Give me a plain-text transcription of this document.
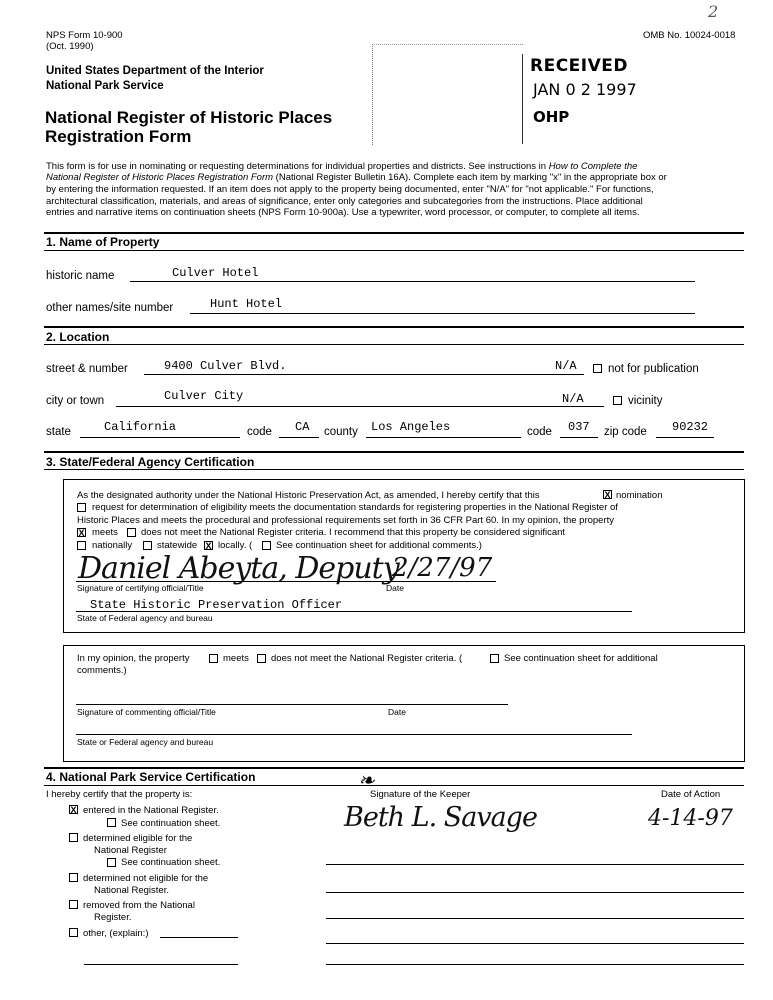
NPS Form 10-900
(Oct. 1990)
OMB No. 10024-0018
2
United States Department of the Interior
National Park Service
National Register of Historic Places
Registration Form
RECEIVED
JAN 0 2 1997
OHP
This form is for use in nominating or requesting determinations for individual properties and districts. See instructions in How to Complete the
National Register of Historic Places Registration Form (National Register Bulletin 16A). Complete each item by marking "x" in the appropriate box or
by entering the information requested. If an item does not apply to the property being documented, enter "N/A" for "not applicable." For functions,
architectural classification, materials, and areas of significance, enter only categories and subcategories from the instructions. Place additional
entries and narrative items on continuation sheets (NPS Form 10-900a). Use a typewriter, word processor, or computer, to complete all items.
1. Name of Property
historic name	Culver Hotel
other names/site number	Hunt Hotel
2. Location
street & number	9400 Culver Blvd.	N/A	not for publication
city or town	Culver City	N/A	vicinity
state	California	code CA county Los Angeles	code 037 zip code 90232
3. State/Federal Agency Certification
As the designated authority under the National Historic Preservation Act, as amended, I hereby certify that this	X nomination
request for determination of eligibility meets the documentation standards for registering properties in the National Register of
Historic Places and meets the procedural and professional requirements set forth in 36 CFR Part 60. In my opinion, the property
X meets does not meet the National Register criteria. I recommend that this property be considered significant
nationally	statewide X locally. (	See continuation sheet for additional comments.)
Daniel Abeyta, Deputy
2/27/97
Signature of certifying official/Title	Date
State Historic Preservation Officer
State of Federal agency and bureau
In my opinion, the property	meets does not meet the National Register criteria. (	See continuation sheet for additional
comments.)
Signature of commenting official/Title	Date
State or Federal agency and bureau
4. National Park Service Certification
I hereby certify that the property is:	Signature of the Keeper	Date of Action
❧
X entered in the National Register.
See continuation sheet.
determined eligible for the
National Register
See continuation sheet.
determined not eligible for the
National Register.
removed from the National
Register.
other, (explain:)
Beth L. Savage	4-14-97
